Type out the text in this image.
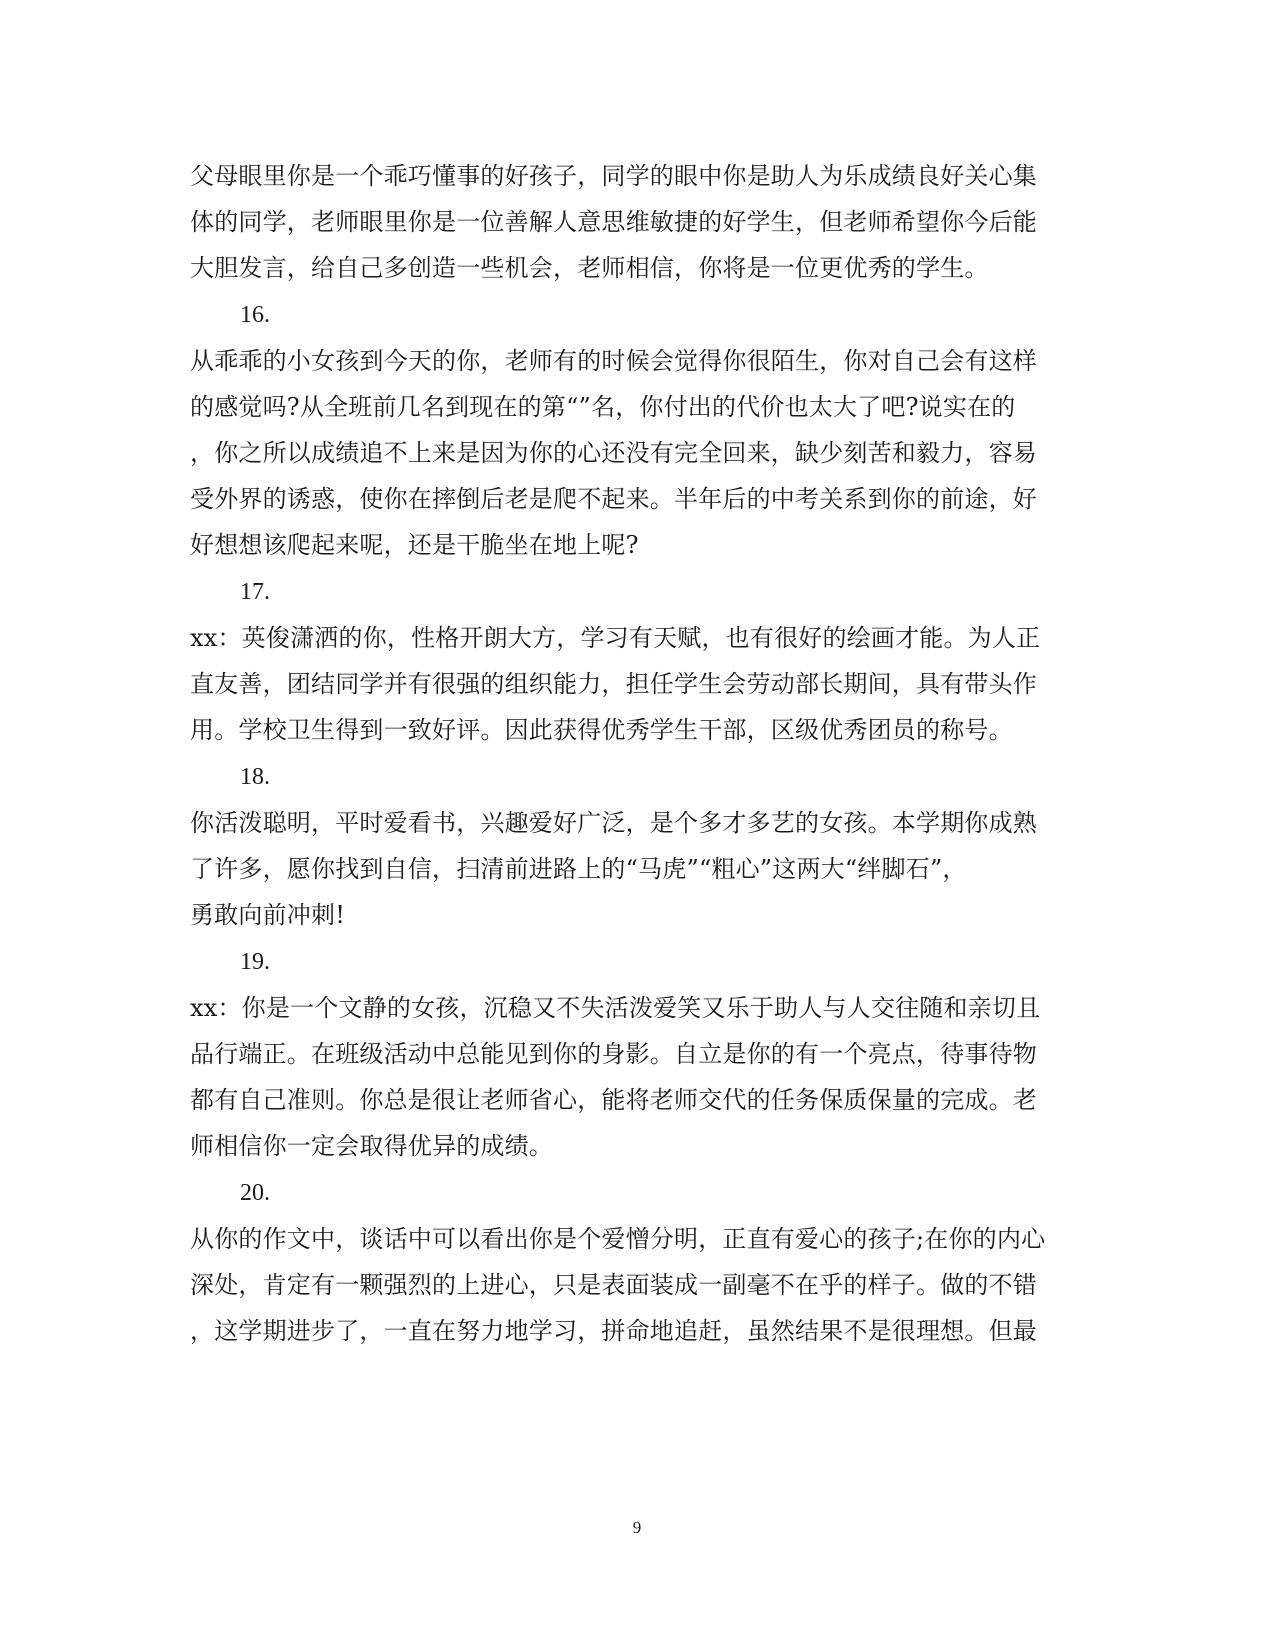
父母眼里你是一个乖巧懂事的好孩子，同学的眼中你是助人为乐成绩良好关心集
体的同学，老师眼里你是一位善解人意思维敏捷的好学生，但老师希望你今后能
大胆发言，给自己多创造一些机会，老师相信，你将是一位更优秀的学生。
16.
从乖乖的小女孩到今天的你，老师有的时候会觉得你很陌生，你对自己会有这样
的感觉吗?从全班前几名到现在的第“”名，你付出的代价也太大了吧?说实在的
，你之所以成绩追不上来是因为你的心还没有完全回来，缺少刻苦和毅力，容易
受外界的诱惑，使你在摔倒后老是爬不起来。半年后的中考关系到你的前途，好
好想想该爬起来呢，还是干脆坐在地上呢?
17.
xx：英俊潇洒的你，性格开朗大方，学习有天赋，也有很好的绘画才能。为人正
直友善，团结同学并有很强的组织能力，担任学生会劳动部长期间，具有带头作
用。学校卫生得到一致好评。因此获得优秀学生干部，区级优秀团员的称号。
18.
你活泼聪明，平时爱看书，兴趣爱好广泛，是个多才多艺的女孩。本学期你成熟
了许多，愿你找到自信，扫清前进路上的“马虎”“粗心”这两大“绊脚石”，
勇敢向前冲刺!
19.
xx：你是一个文静的女孩，沉稳又不失活泼爱笑又乐于助人与人交往随和亲切且
品行端正。在班级活动中总能见到你的身影。自立是你的有一个亮点，待事待物
都有自己准则。你总是很让老师省心，能将老师交代的任务保质保量的完成。老
师相信你一定会取得优异的成绩。
20.
从你的作文中，谈话中可以看出你是个爱憎分明，正直有爱心的孩子;在你的内心
深处，肯定有一颗强烈的上进心，只是表面装成一副毫不在乎的样子。做的不错
，这学期进步了，一直在努力地学习，拼命地追赶，虽然结果不是很理想。但最
9
